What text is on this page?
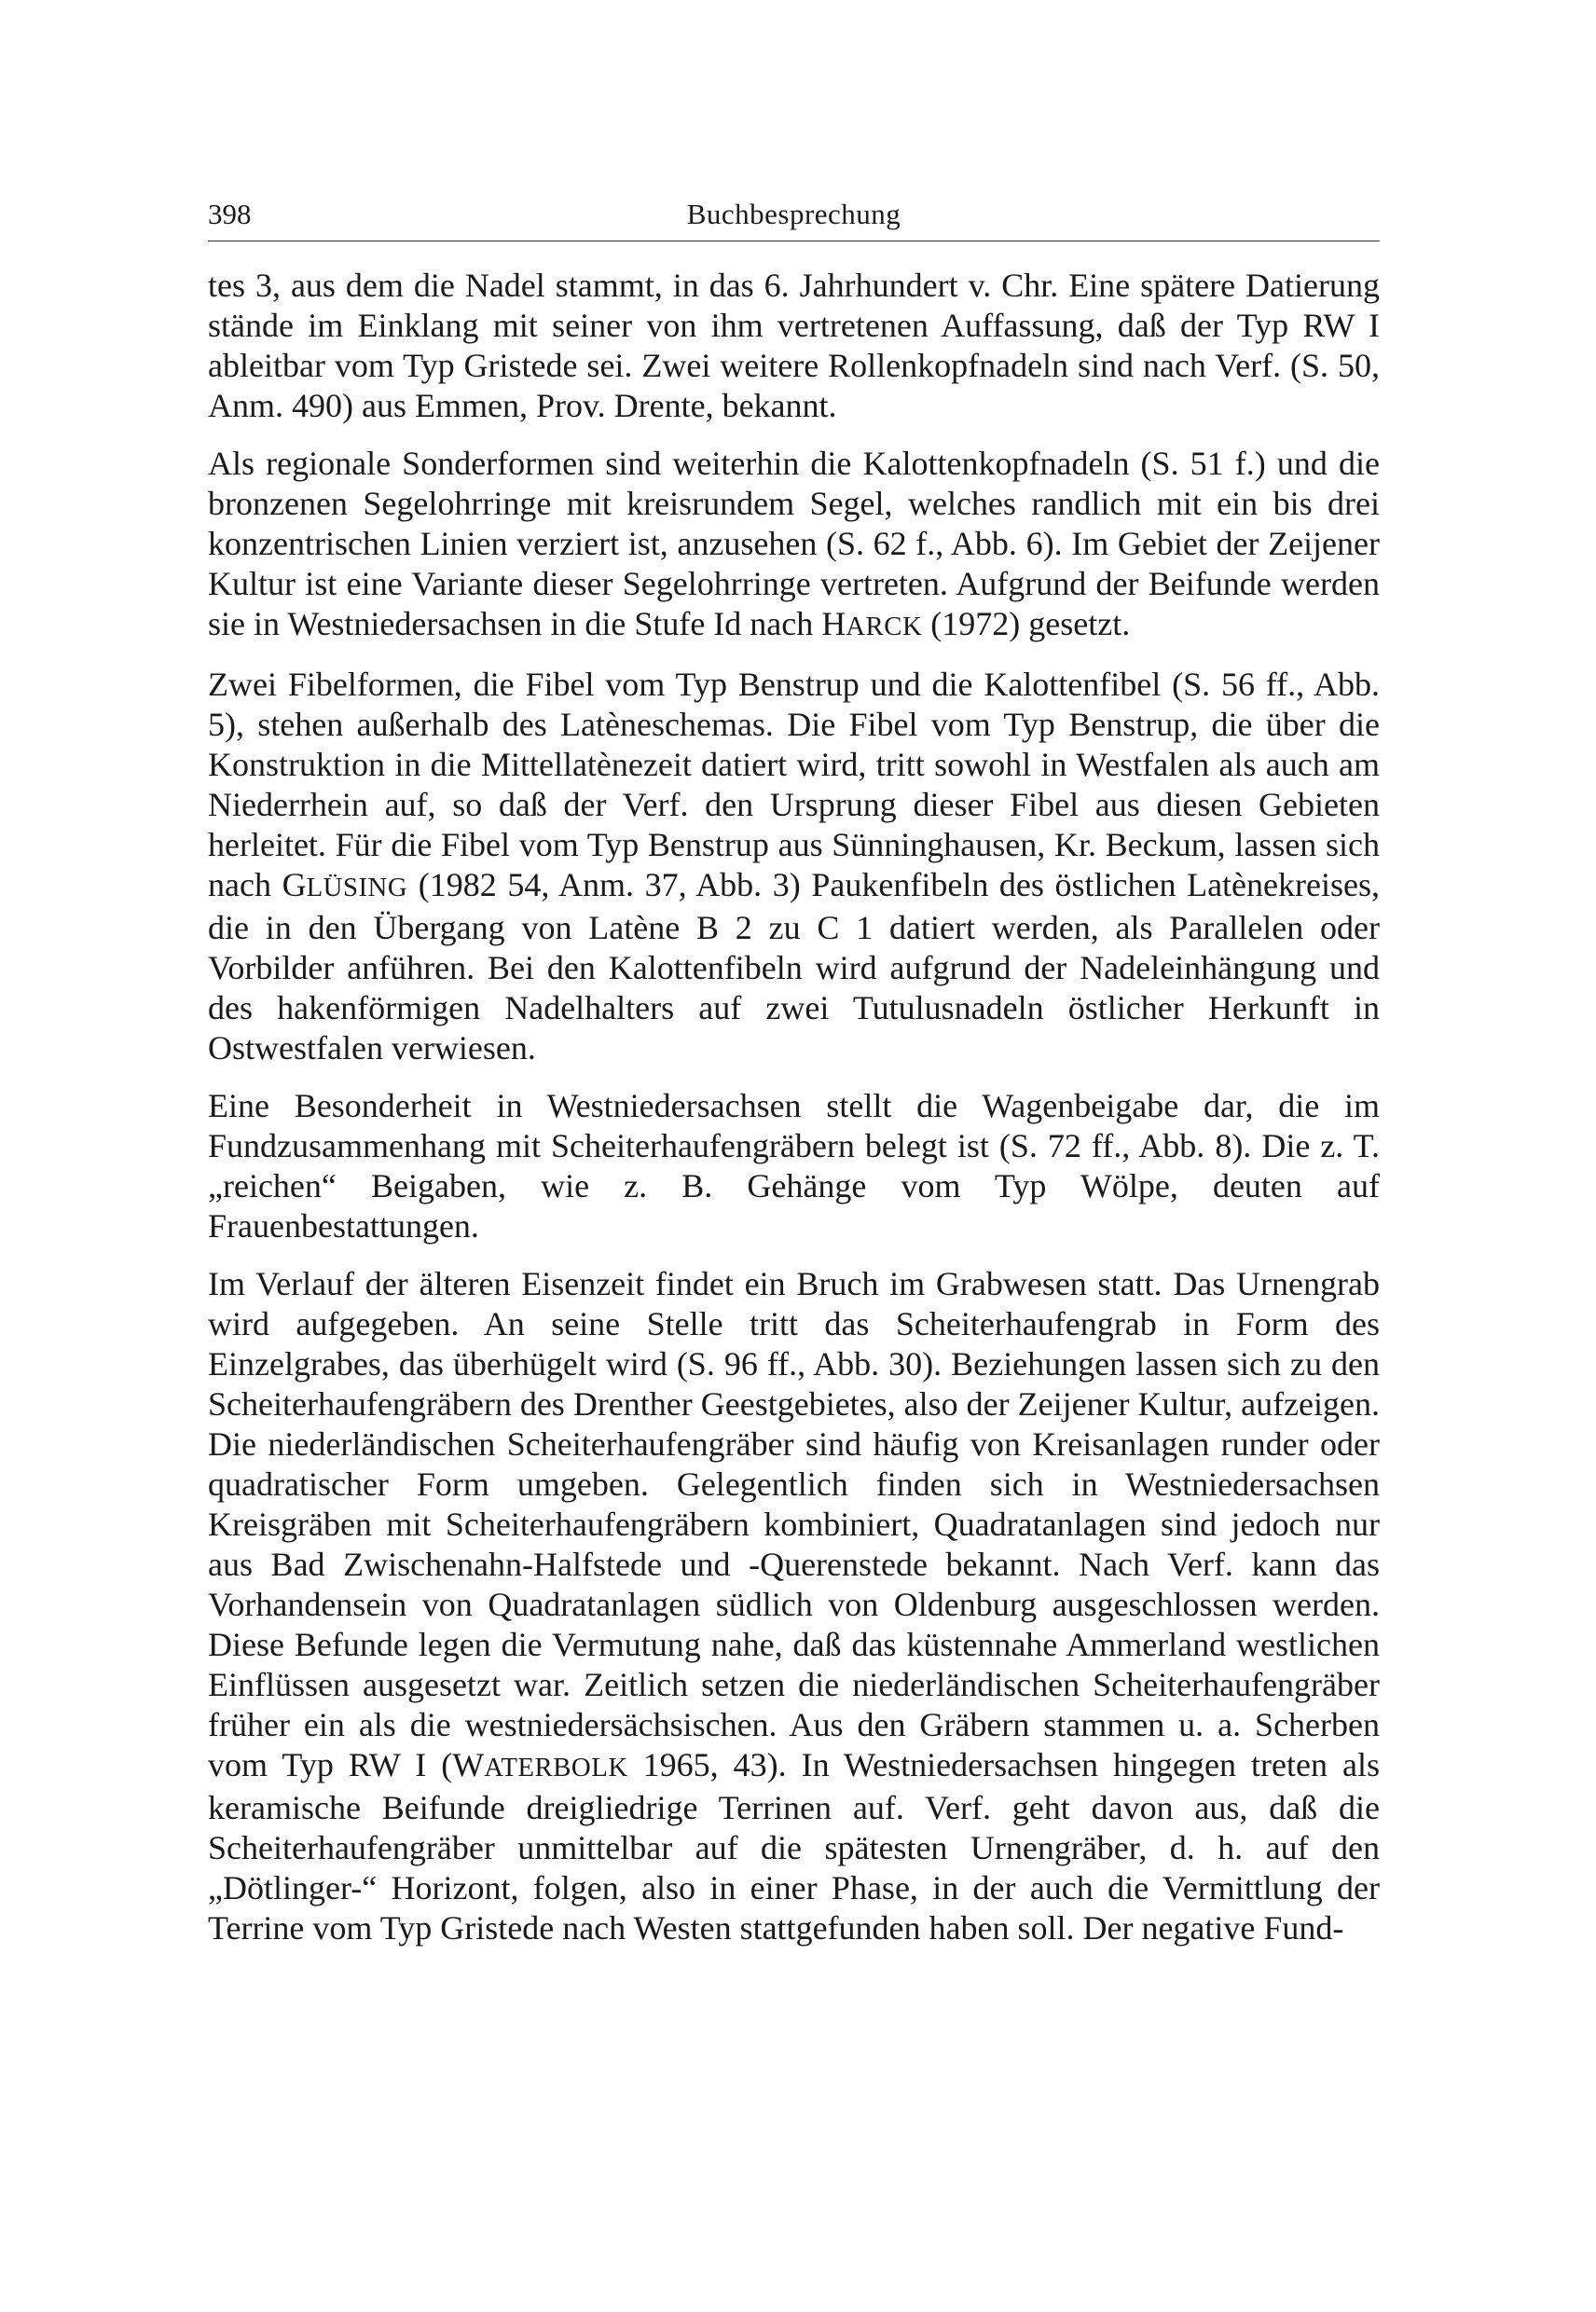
398	Buchbesprechung

tes 3, aus dem die Nadel stammt, in das 6. Jahrhundert v. Chr. Eine spätere Datierung stände im Einklang mit seiner von ihm vertretenen Auffassung, daß der Typ RW I ableitbar vom Typ Gristede sei. Zwei weitere Rollenkopfnadeln sind nach Verf. (S. 50, Anm. 490) aus Emmen, Prov. Drente, bekannt.

Als regionale Sonderformen sind weiterhin die Kalottenkopfnadeln (S. 51 f.) und die bronzenen Segelohrringe mit kreisrundem Segel, welches randlich mit ein bis drei konzentrischen Linien verziert ist, anzusehen (S. 62 f., Abb. 6). Im Gebiet der Zeijener Kultur ist eine Variante dieser Segelohrringe vertreten. Aufgrund der Beifunde werden sie in Westniedersachsen in die Stufe Id nach HARCK (1972) gesetzt.

Zwei Fibelformen, die Fibel vom Typ Benstrup und die Kalottenfibel (S. 56 ff., Abb. 5), stehen außerhalb des Latèneschemas. Die Fibel vom Typ Benstrup, die über die Konstruktion in die Mittellatènezeit datiert wird, tritt sowohl in Westfalen als auch am Niederrhein auf, so daß der Verf. den Ursprung dieser Fibel aus diesen Gebieten herleitet. Für die Fibel vom Typ Benstrup aus Sünninghausen, Kr. Beckum, lassen sich nach GLÜSING (1982 54, Anm. 37, Abb. 3) Paukenfibeln des östlichen Latènekreises, die in den Übergang von Latène B 2 zu C 1 datiert werden, als Parallelen oder Vorbilder anführen. Bei den Kalottenfibeln wird aufgrund der Nadeleinhängung und des hakenförmigen Nadelhalters auf zwei Tutulusnadeln östlicher Herkunft in Ostwestfalen verwiesen.

Eine Besonderheit in Westniedersachsen stellt die Wagenbeigabe dar, die im Fundzusammenhang mit Scheiterhaufengräbern belegt ist (S. 72 ff., Abb. 8). Die z. T. „reichen“ Beigaben, wie z. B. Gehänge vom Typ Wölpe, deuten auf Frauenbestattungen.

Im Verlauf der älteren Eisenzeit findet ein Bruch im Grabwesen statt. Das Urnengrab wird aufgegeben. An seine Stelle tritt das Scheiterhaufengrab in Form des Einzelgrabes, das überhügelt wird (S. 96 ff., Abb. 30). Beziehungen lassen sich zu den Scheiterhaufengräbern des Drenther Geestgebietes, also der Zeijener Kultur, aufzeigen. Die niederländischen Scheiterhaufengräber sind häufig von Kreisanlagen runder oder quadratischer Form umgeben. Gelegentlich finden sich in Westniedersachsen Kreisgräben mit Scheiterhaufengräbern kombiniert, Quadratanlagen sind jedoch nur aus Bad Zwischenahn-Halfstede und -Querenstede bekannt. Nach Verf. kann das Vorhandensein von Quadratanlagen südlich von Oldenburg ausgeschlossen werden. Diese Befunde legen die Vermutung nahe, daß das küstennahe Ammerland westlichen Einflüssen ausgesetzt war. Zeitlich setzen die niederländischen Scheiterhaufengräber früher ein als die westniedersächsischen. Aus den Gräbern stammen u. a. Scherben vom Typ RW I (WATERBOLK 1965, 43). In Westniedersachsen hingegen treten als keramische Beifunde dreigliedrige Terrinen auf. Verf. geht davon aus, daß die Scheiterhaufengräber unmittelbar auf die spätesten Urnengräber, d. h. auf den „Dötlinger-“ Horizont, folgen, also in einer Phase, in der auch die Vermittlung der Terrine vom Typ Gristede nach Westen stattgefunden haben soll. Der negative Fund-
